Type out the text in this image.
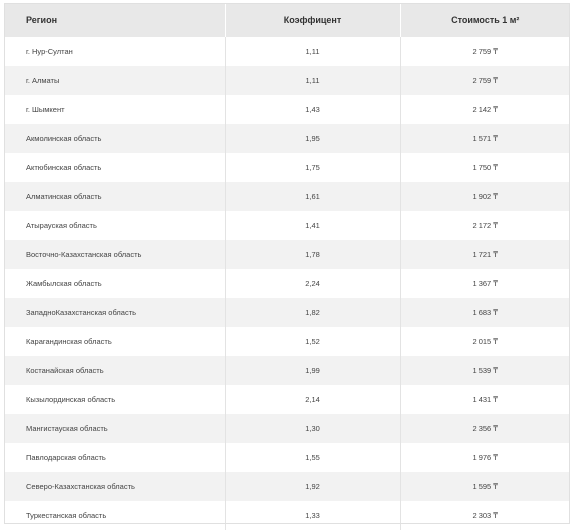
Регион	Коэффицент	Стоимость 1 м²
г. Нур-Султан	1,11	2 759 ₸
г. Алматы	1,11	2 759 ₸
г. Шымкент	1,43	2 142 ₸
Акмолинская область	1,95	1 571 ₸
Актюбинская область	1,75	1 750 ₸
Алматинская область	1,61	1 902 ₸
Атырауская область	1,41	2 172 ₸
Восточно-Казахстанская область	1,78	1 721 ₸
Жамбылская область	2,24	1 367 ₸
ЗападноКазахстанская область	1,82	1 683 ₸
Карагандинская область	1,52	2 015 ₸
Костанайская область	1,99	1 539 ₸
Кызылординская область	2,14	1 431 ₸
Мангистауская область	1,30	2 356 ₸
Павлодарская область	1,55	1 976 ₸
Северо-Казахстанская область	1,92	1 595 ₸
Туркестанская область	1,33	2 303 ₸
